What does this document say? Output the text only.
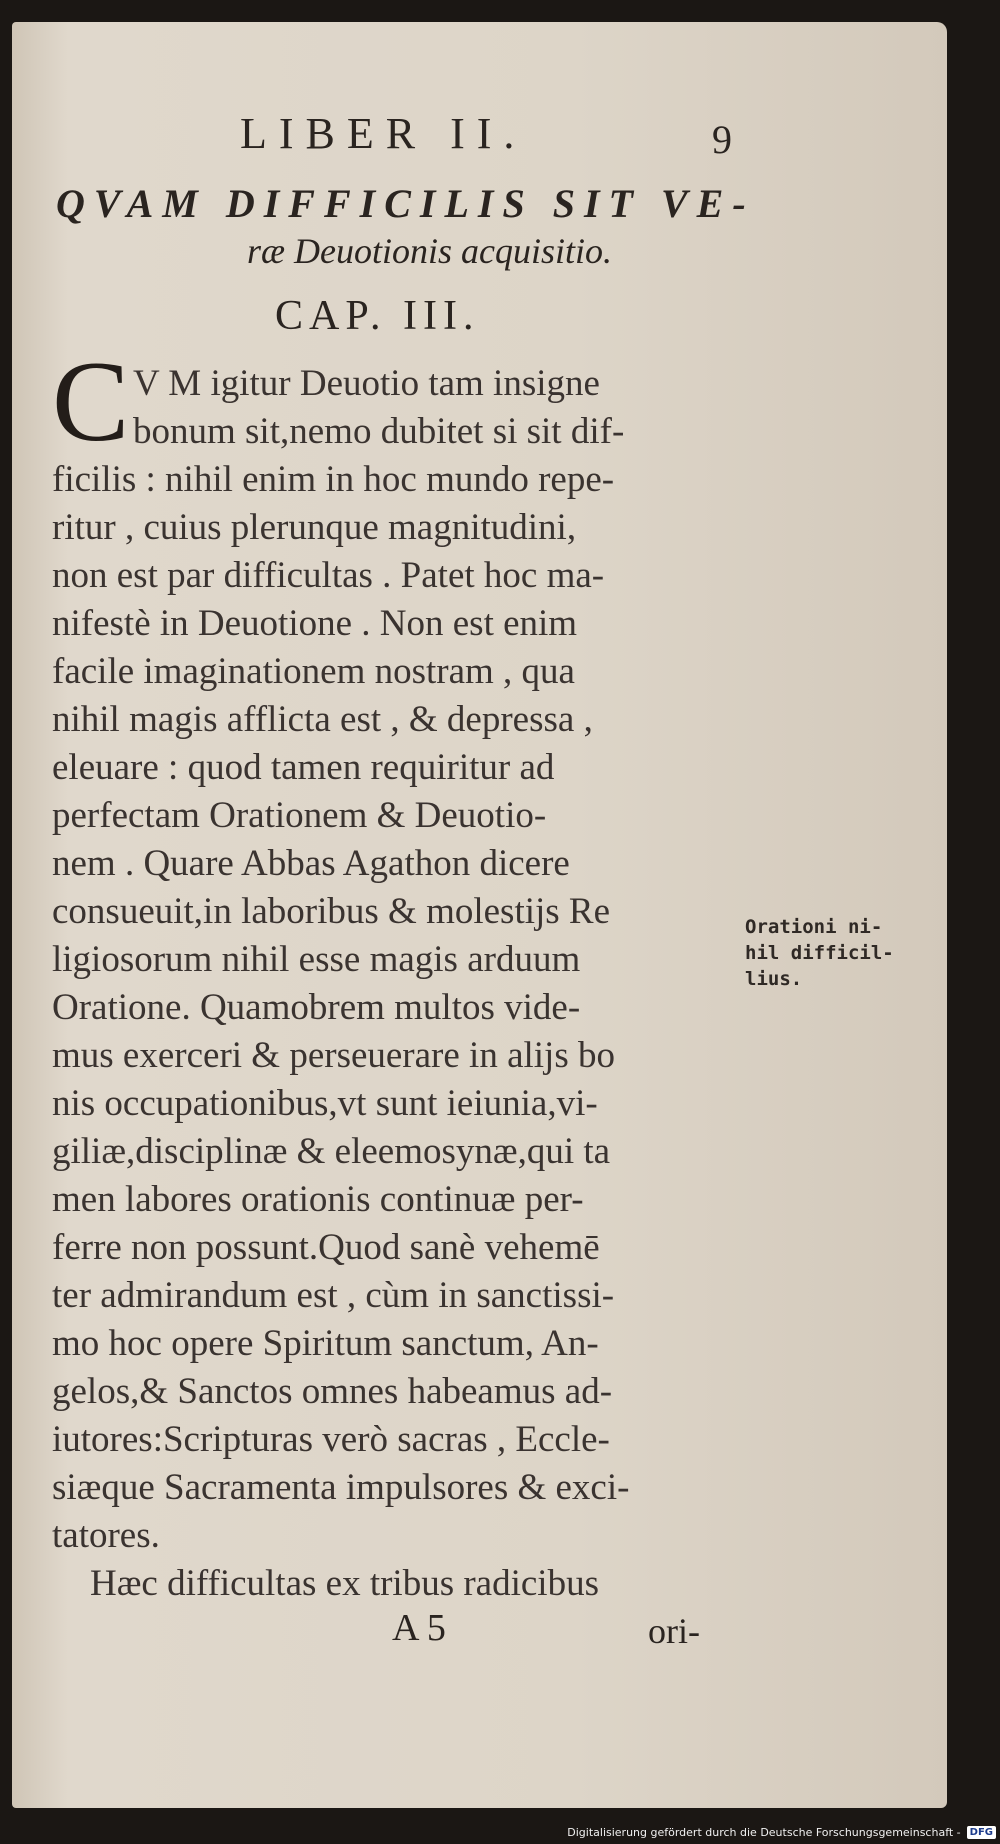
LIBER II.	9
QVAM DIFFICILIS SIT VE-
ræ Deuotionis acquisitio.
CAP. III.
C V M igitur Deuotio tam insigne
bonum sit,nemo dubitet si sit dif-
ficilis : nihil enim in hoc mundo repe-
ritur , cuius plerunque magnitudini,
non est par difficultas . Patet hoc ma-
nifestè in Deuotione . Non est enim
facile imaginationem nostram , qua
nihil magis afflicta est , & depressa ,
eleuare : quod tamen requiritur ad
perfectam Orationem & Deuotio-
nem . Quare Abbas Agathon dicere
consueuit,in laboribus & molestijs Re
ligiosorum nihil esse magis arduum
Oratione. Quamobrem multos vide-
mus exerceri & perseuerare in alijs bo
nis occupationibus,vt sunt ieiunia,vi-
giliæ,disciplinæ & eleemosynæ,qui ta
men labores orationis continuæ per-
ferre non possunt.Quod sanè vehemē
ter admirandum est , cùm in sanctissi-
mo hoc opere Spiritum sanctum, An-
gelos,& Sanctos omnes habeamus ad-
iutores:Scripturas verò sacras , Eccle-
siæque Sacramenta impulsores & exci-
tatores.
Hæc difficultas ex tribus radicibus
A 5	ori-
Orationi ni-
hil difficil-
lius.
Digitalisierung gefördert durch die Deutsche Forschungsgemeinschaft - DFG
